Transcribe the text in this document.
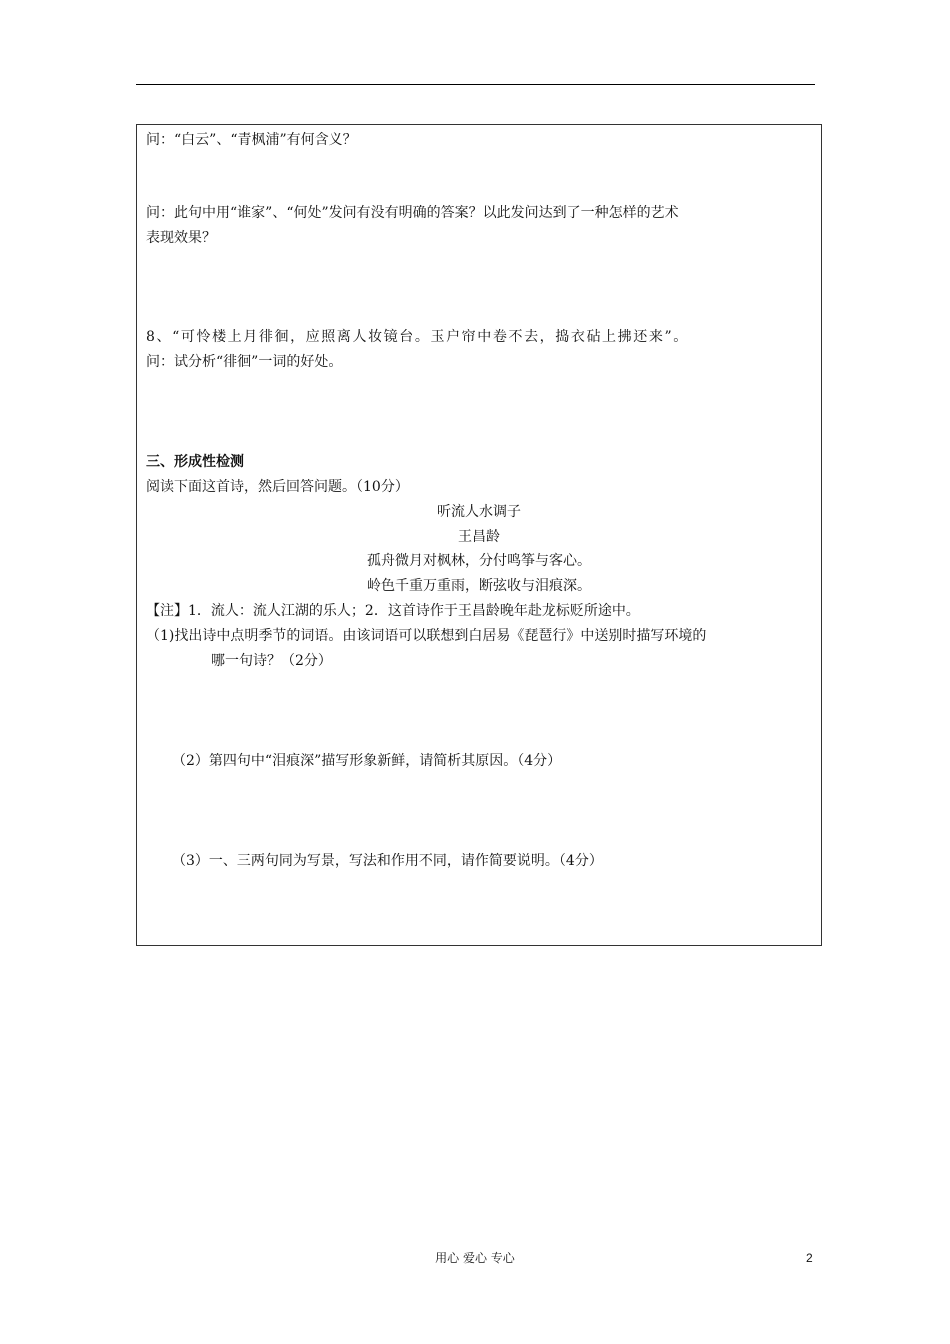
问：“白云”、“青枫浦”有何含义？
问：此句中用“谁家”、“何处”发问有没有明确的答案？以此发问达到了一种怎样的艺术
表现效果？
8、“可怜楼上月徘徊，应照离人妆镜台。玉户帘中卷不去，捣衣砧上拂还来”。
问：试分析“徘徊”一词的好处。
三、形成性检测
阅读下面这首诗，然后回答问题。（10分）
听流人水调子
王昌龄
孤舟微月对枫林，分付鸣筝与客心。
岭色千重万重雨，断弦收与泪痕深。
【注】1．流人：流人江湖的乐人；2．这首诗作于王昌龄晚年赴龙标贬所途中。
（1)找出诗中点明季节的词语。由该词语可以联想到白居易《琵琶行》中送别时描写环境的
哪一句诗？（2分）
（2）第四句中“泪痕深”描写形象新鲜，请简析其原因。（4分）
（3）一、三两句同为写景，写法和作用不同，请作简要说明。（4分）
用心 爱心 专心	2
